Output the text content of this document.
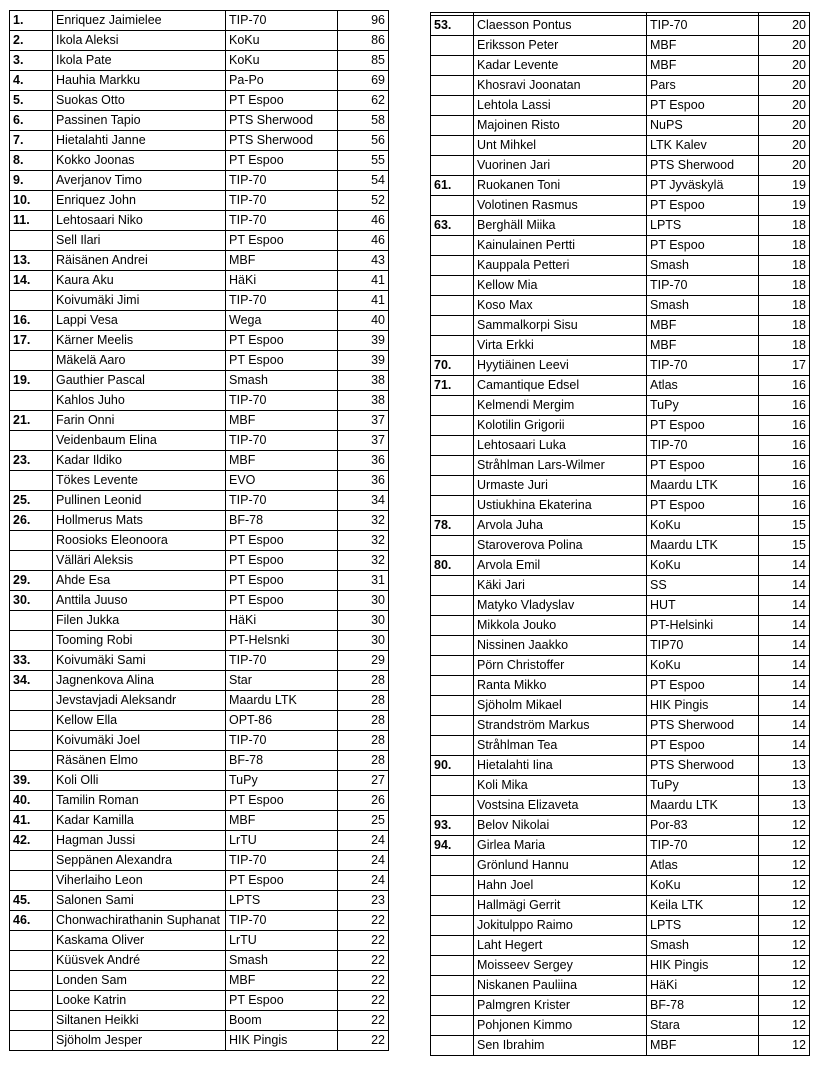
1.	Enriquez Jaimielee	TIP-70	96
2.	Ikola Aleksi	KoKu	86
3.	Ikola Pate	KoKu	85
4.	Hauhia Markku	Pa-Po	69
5.	Suokas Otto	PT Espoo	62
6.	Passinen Tapio	PTS Sherwood	58
7.	Hietalahti Janne	PTS Sherwood	56
8.	Kokko Joonas	PT Espoo	55
9.	Averjanov Timo	TIP-70	54
10.	Enriquez John	TIP-70	52
11.	Lehtosaari Niko	TIP-70	46
	Sell Ilari	PT Espoo	46
13.	Räisänen Andrei	MBF	43
14.	Kaura Aku	HäKi	41
	Koivumäki Jimi	TIP-70	41
16.	Lappi Vesa	Wega	40
17.	Kärner Meelis	PT Espoo	39
	Mäkelä Aaro	PT Espoo	39
19.	Gauthier Pascal	Smash	38
	Kahlos Juho	TIP-70	38
21.	Farin Onni	MBF	37
	Veidenbaum Elina	TIP-70	37
23.	Kadar Ildiko	MBF	36
	Tökes Levente	EVO	36
25.	Pullinen Leonid	TIP-70	34
26.	Hollmerus Mats	BF-78	32
	Roosioks Eleonoora	PT Espoo	32
	Välläri Aleksis	PT Espoo	32
29.	Ahde Esa	PT Espoo	31
30.	Anttila Juuso	PT Espoo	30
	Filen Jukka	HäKi	30
	Tooming Robi	PT-Helsnki	30
33.	Koivumäki Sami	TIP-70	29
34.	Jagnenkova Alina	Star	28
	Jevstavjadi Aleksandr	Maardu LTK	28
	Kellow Ella	OPT-86	28
	Koivumäki Joel	TIP-70	28
	Räsänen Elmo	BF-78	28
39.	Koli Olli	TuPy	27
40.	Tamilin Roman	PT Espoo	26
41.	Kadar Kamilla	MBF	25
42.	Hagman Jussi	LrTU	24
	Seppänen Alexandra	TIP-70	24
	Viherlaiho Leon	PT Espoo	24
45.	Salonen Sami	LPTS	23
46.	Chonwachirathanin Suphanat	TIP-70	22
	Kaskama Oliver	LrTU	22
	Küüsvek André	Smash	22
	Londen Sam	MBF	22
	Looke Katrin	PT Espoo	22
	Siltanen Heikki	Boom	22
	Sjöholm Jesper	HIK Pingis	22

53.	Claesson Pontus	TIP-70	20
	Eriksson Peter	MBF	20
	Kadar Levente	MBF	20
	Khosravi Joonatan	Pars	20
	Lehtola Lassi	PT Espoo	20
	Majoinen Risto	NuPS	20
	Unt Mihkel	LTK Kalev	20
	Vuorinen Jari	PTS Sherwood	20
61.	Ruokanen Toni	PT Jyväskylä	19
	Volotinen Rasmus	PT Espoo	19
63.	Berghäll Miika	LPTS	18
	Kainulainen Pertti	PT Espoo	18
	Kauppala Petteri	Smash	18
	Kellow Mia	TIP-70	18
	Koso Max	Smash	18
	Sammalkorpi Sisu	MBF	18
	Virta Erkki	MBF	18
70.	Hyytiäinen Leevi	TIP-70	17
71.	Camantique Edsel	Atlas	16
	Kelmendi Mergim	TuPy	16
	Kolotilin Grigorii	PT Espoo	16
	Lehtosaari Luka	TIP-70	16
	Stråhlman Lars-Wilmer	PT Espoo	16
	Urmaste Juri	Maardu LTK	16
	Ustiukhina Ekaterina	PT Espoo	16
78.	Arvola Juha	KoKu	15
	Staroverova Polina	Maardu LTK	15
80.	Arvola Emil	KoKu	14
	Käki Jari	SS	14
	Matyko Vladyslav	HUT	14
	Mikkola Jouko	PT-Helsinki	14
	Nissinen Jaakko	TIP70	14
	Pörn Christoffer	KoKu	14
	Ranta Mikko	PT Espoo	14
	Sjöholm Mikael	HIK Pingis	14
	Strandström Markus	PTS Sherwood	14
	Stråhlman Tea	PT Espoo	14
90.	Hietalahti Iina	PTS Sherwood	13
	Koli Mika	TuPy	13
	Vostsina Elizaveta	Maardu LTK	13
93.	Belov Nikolai	Por-83	12
94.	Girlea Maria	TIP-70	12
	Grönlund Hannu	Atlas	12
	Hahn Joel	KoKu	12
	Hallmägi Gerrit	Keila LTK	12
	Jokitulppo Raimo	LPTS	12
	Laht Hegert	Smash	12
	Moisseev Sergey	HIK Pingis	12
	Niskanen Pauliina	HäKi	12
	Palmgren Krister	BF-78	12
	Pohjonen Kimmo	Stara	12
	Sen Ibrahim	MBF	12
